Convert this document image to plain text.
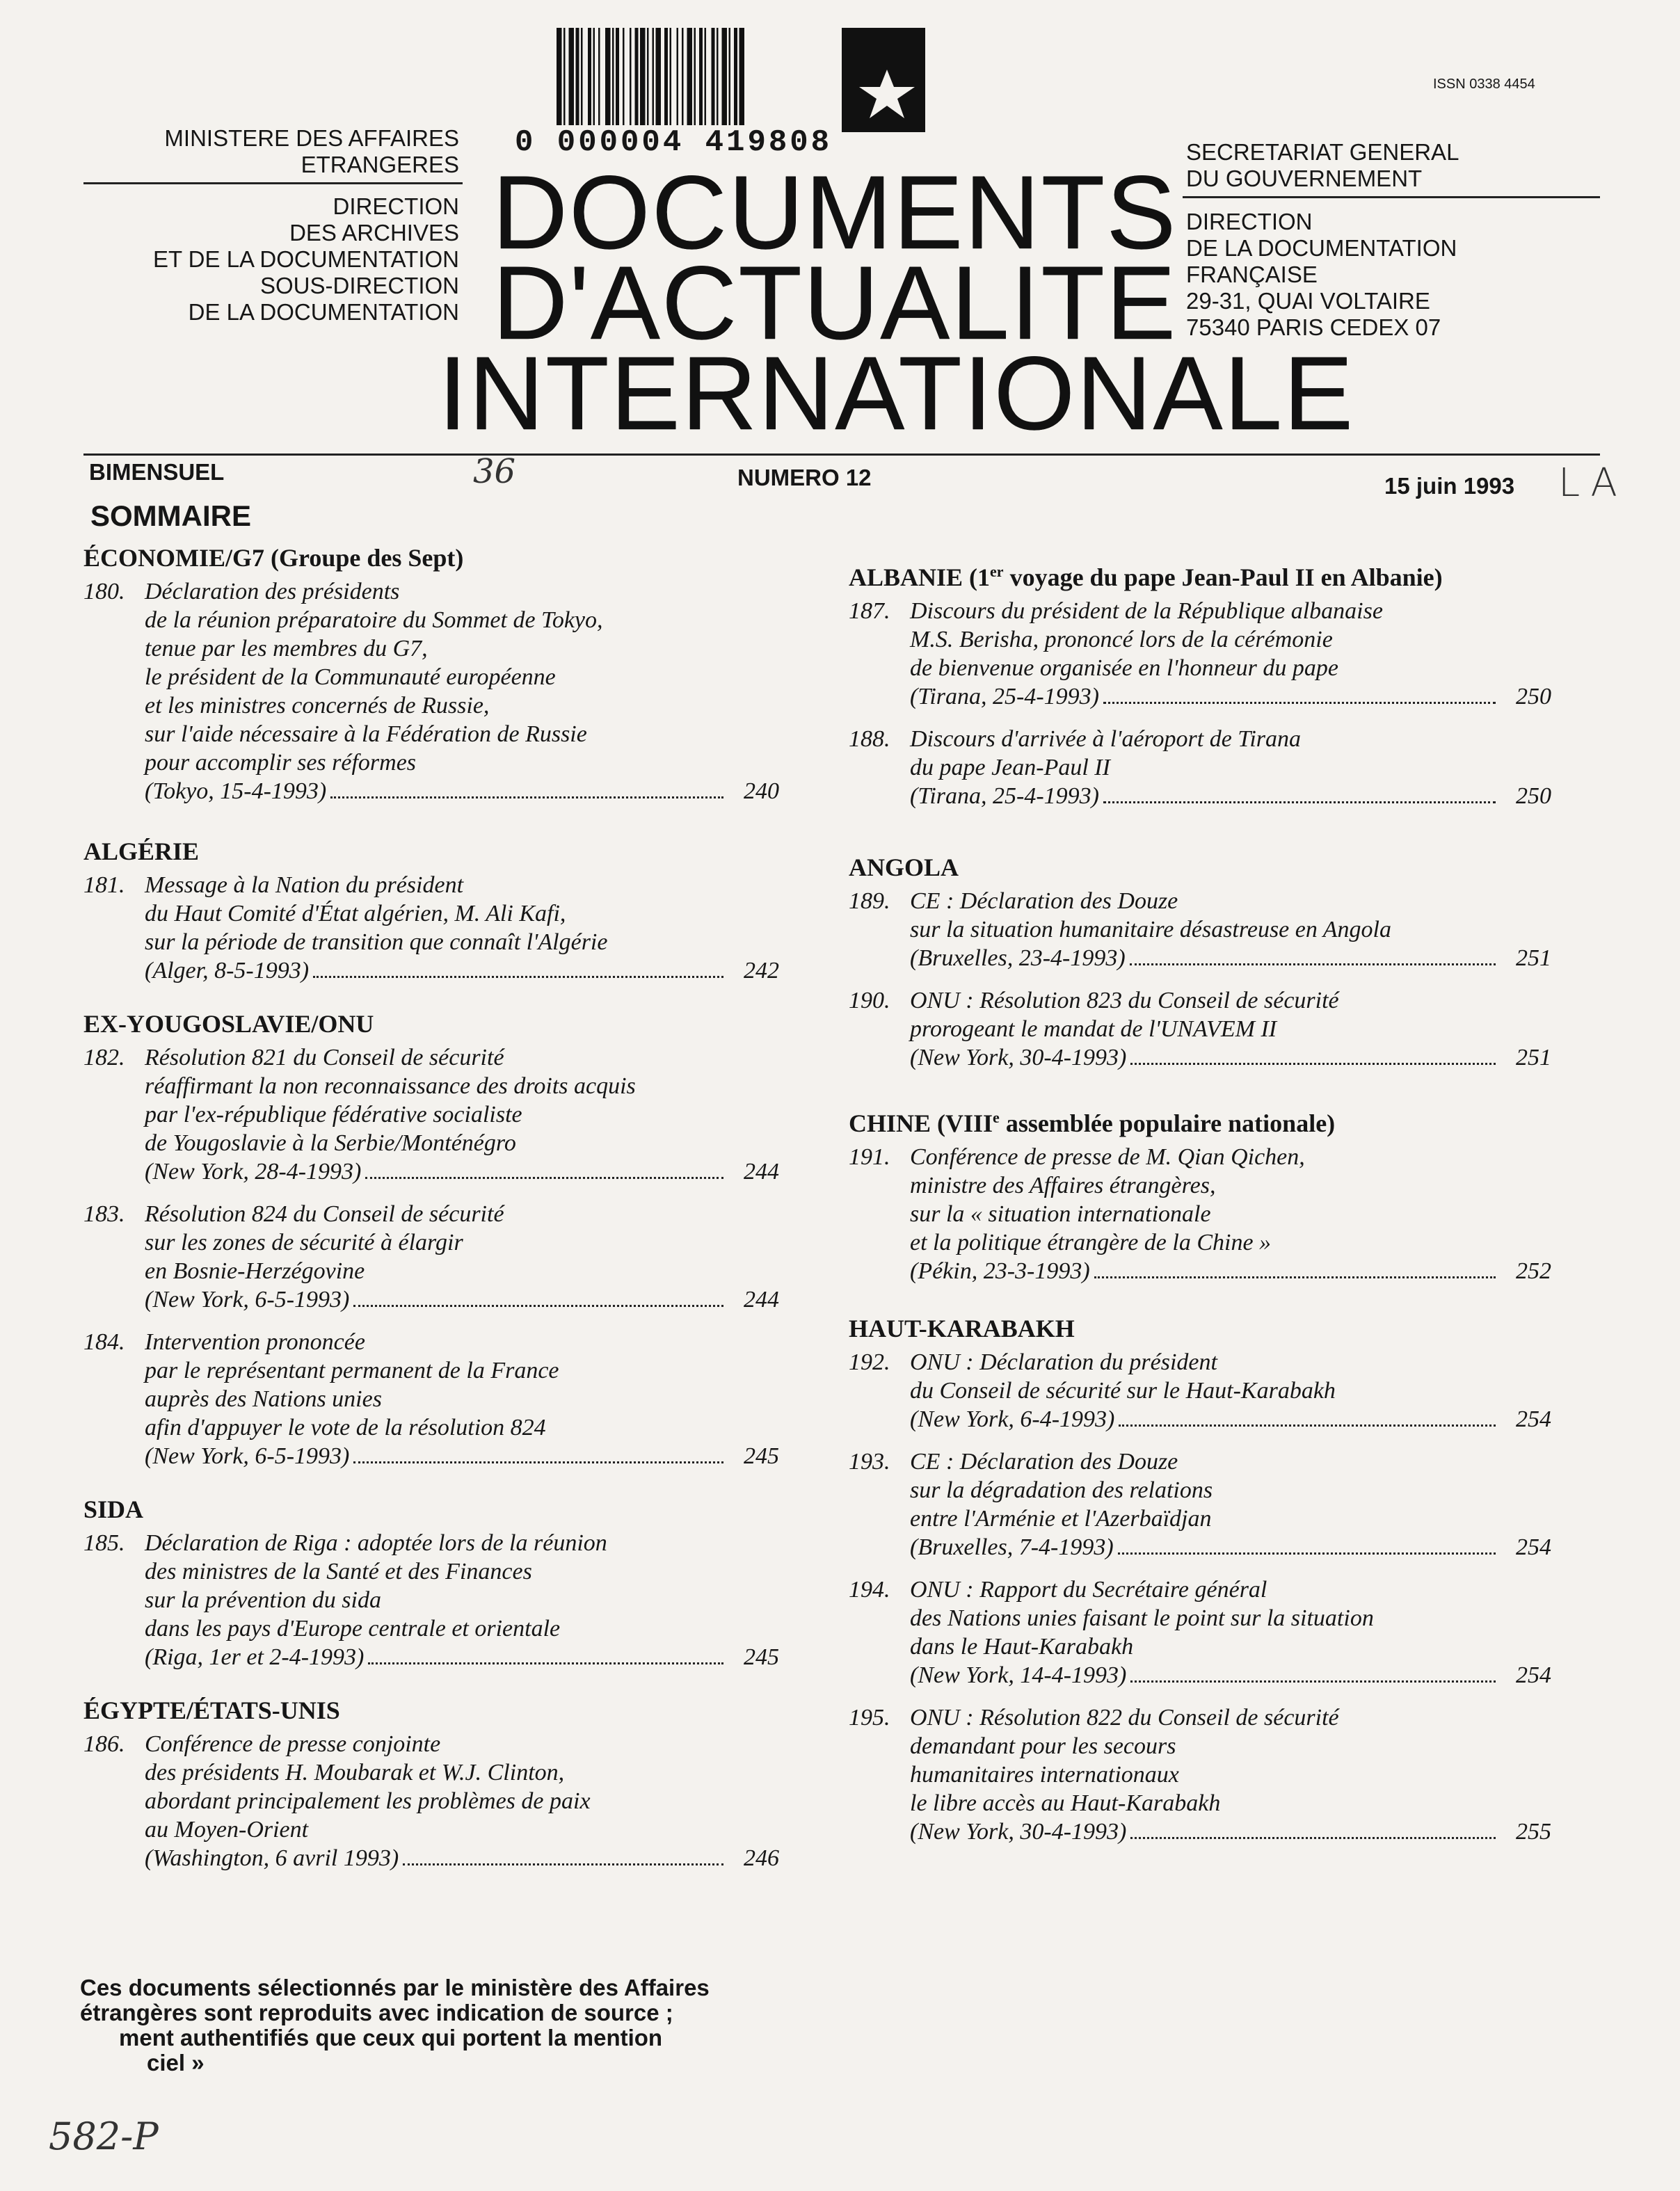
0 000004 419808
ISSN 0338 4454
MINISTERE DES AFFAIRES
ETRANGERES
DIRECTION
DES ARCHIVES
ET DE LA DOCUMENTATION
SOUS-DIRECTION
DE LA DOCUMENTATION
DOCUMENTS
D'ACTUALITE
INTERNATIONALE
SECRETARIAT GENERAL
DU GOUVERNEMENT
DIRECTION
DE LA DOCUMENTATION
FRANÇAISE
29-31, QUAI VOLTAIRE
75340 PARIS CEDEX 07
BIMENSUEL	36	NUMERO 12	15 juin 1993 LA
SOMMAIRE
ÉCONOMIE/G7 (Groupe des Sept)
180. Déclaration des présidents
de la réunion préparatoire du Sommet de Tokyo,
tenue par les membres du G7,
le président de la Communauté européenne
et les ministres concernés de Russie,
sur l'aide nécessaire à la Fédération de Russie
pour accomplir ses réformes
(Tokyo, 15-4-1993)	240
ALGÉRIE
181. Message à la Nation du président
du Haut Comité d'État algérien, M. Ali Kafi,
sur la période de transition que connaît l'Algérie
(Alger, 8-5-1993)	242
EX-YOUGOSLAVIE/ONU
182. Résolution 821 du Conseil de sécurité
réaffirmant la non reconnaissance des droits acquis
par l'ex-république fédérative socialiste
de Yougoslavie à la Serbie/Monténégro
(New York, 28-4-1993)	244
183. Résolution 824 du Conseil de sécurité
sur les zones de sécurité à élargir
en Bosnie-Herzégovine
(New York, 6-5-1993)	244
184. Intervention prononcée
par le représentant permanent de la France
auprès des Nations unies
afin d'appuyer le vote de la résolution 824
(New York, 6-5-1993)	245
SIDA
185. Déclaration de Riga : adoptée lors de la réunion
des ministres de la Santé et des Finances
sur la prévention du sida
dans les pays d'Europe centrale et orientale
(Riga, 1er et 2-4-1993)	245
ÉGYPTE/ÉTATS-UNIS
186. Conférence de presse conjointe
des présidents H. Moubarak et W.J. Clinton,
abordant principalement les problèmes de paix
au Moyen-Orient
(Washington, 6 avril 1993)	246
ALBANIE (1er voyage du pape Jean-Paul II en Albanie)
187. Discours du président de la République albanaise
M.S. Berisha, prononcé lors de la cérémonie
de bienvenue organisée en l'honneur du pape
(Tirana, 25-4-1993)	250
188. Discours d'arrivée à l'aéroport de Tirana
du pape Jean-Paul II
(Tirana, 25-4-1993)	250
ANGOLA
189. CE : Déclaration des Douze
sur la situation humanitaire désastreuse en Angola
(Bruxelles, 23-4-1993)	251
190. ONU : Résolution 823 du Conseil de sécurité
prorogeant le mandat de l'UNAVEM II
(New York, 30-4-1993)	251
CHINE (VIIIe assemblée populaire nationale)
191. Conférence de presse de M. Qian Qichen,
ministre des Affaires étrangères,
sur la « situation internationale
et la politique étrangère de la Chine »
(Pékin, 23-3-1993)	252
HAUT-KARABAKH
192. ONU : Déclaration du président
du Conseil de sécurité sur le Haut-Karabakh
(New York, 6-4-1993)	254
193. CE : Déclaration des Douze
sur la dégradation des relations
entre l'Arménie et l'Azerbaïdjan
(Bruxelles, 7-4-1993)	254
194. ONU : Rapport du Secrétaire général
des Nations unies faisant le point sur la situation
dans le Haut-Karabakh
(New York, 14-4-1993)	254
195. ONU : Résolution 822 du Conseil de sécurité
demandant pour les secours
humanitaires internationaux
le libre accès au Haut-Karabakh
(New York, 30-4-1993)	255
Ces documents sélectionnés par le ministère des Affaires
étrangères sont reproduits avec indication de source ;
ment authentifiés que ceux qui portent la mention
ciel »
582-P
